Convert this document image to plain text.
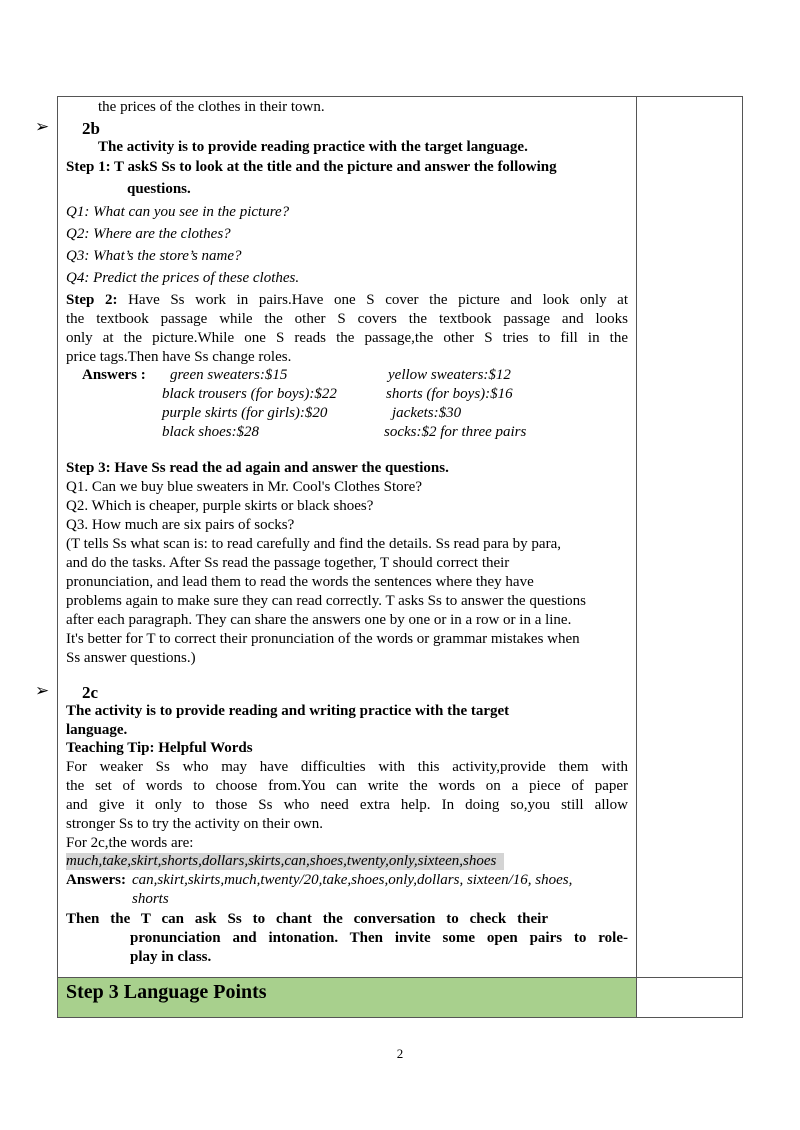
➢
➢
Step 3 Language Points
the prices of the clothes in their town.
2b
The activity is to provide reading practice with the target language.
Step 1: T askS Ss to look at the title and the picture and answer the following
questions.
Q1: What can you see in the picture?
Q2: Where are the clothes?
Q3: What’s the store’s name?
Q4: Predict the prices of these clothes.
Step 2: Have Ss work in pairs.Have one S cover the picture and look only at
the textbook passage while the other S covers the textbook passage and looks
only at the picture.While one S reads the passage,the other S tries to fill in the
price tags.Then have Ss change roles.
Answers : green sweaters:$15
black trousers (for boys):$22
purple skirts (for girls):$20
black shoes:$28
yellow sweaters:$12
shorts (for boys):$16
jackets:$30
socks:$2 for three pairs
Step 3: Have Ss read the ad again and answer the questions.
Q1. Can we buy blue sweaters in Mr. Cool's Clothes Store?
Q2. Which is cheaper, purple skirts or black shoes?
Q3. How much are six pairs of socks?
(T tells Ss what scan is: to read carefully and find the details. Ss read para by para,
and do the tasks. After Ss read the passage together, T should correct their
pronunciation, and lead them to read the words the sentences where they have
problems again to make sure they can read correctly. T asks Ss to answer the questions
after each paragraph. They can share the answers one by one or in a row or in a line.
It's better for T to correct their pronunciation of the words or grammar mistakes when
Ss answer questions.)
2c
The activity is to provide reading and writing practice with the target
language.
Teaching Tip: Helpful Words
For weaker Ss who may have difficulties with this activity,provide them with
the set of words to choose from.You can write the words on a piece of paper
and give it only to those Ss who need extra help. In doing so,you still allow
stronger Ss to try the activity on their own.
For 2c,the words are:
much,take,skirt,shorts,dollars,skirts,can,shoes,twenty,only,sixteen,shoes
Answers: can,skirt,skirts,much,twenty/20,take,shoes,only,dollars, sixteen/16, shoes,
shorts
Then the T can ask Ss to chant the conversation to check their
pronunciation and intonation. Then invite some open pairs to role-
play in class.
2
